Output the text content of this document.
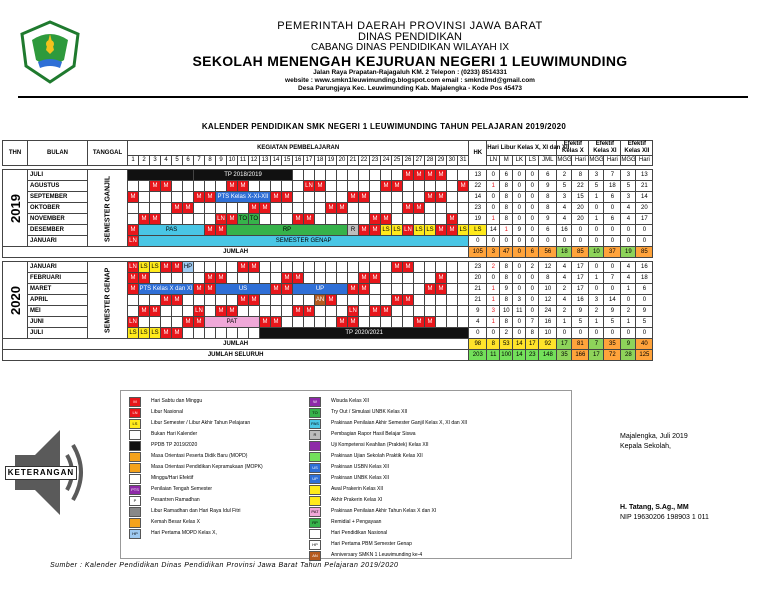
PEMERINTAH DAERAH PROVINSI JAWA BARAT
DINAS PENDIDIKAN
CABANG DINAS PENDIDIKAN WILAYAH IX
SEKOLAH MENENGAH KEJURUAN NEGERI 1 LEUWIMUNDING
Jalan Raya Prapatan-Rajagaluh KM. 2 Telepon : (0233) 8514331
website : www.smkn1leuwimunding.blogspot.com email : smkn1lmd@gmail.com
Desa Parungjaya Kec. Leuwimunding Kab. Majalengka - Kode Pos 45473
KALENDER PENDIDIKAN SMK NEGERI 1 LEUWIMUNDING TAHUN PELAJARAN 2019/2020
THN	BULAN	TANGGAL	KEGIATAN PEMBELAJARAN																															HK	Hari Libur Kelas X, XI dan XII					Efektif Kelas X		Efektif Kelas XI		Efektif Kelas XII		
			1	2	3	4	5	6	7	8	9	10	11	12	13	14	15	16	17	18	19	20	21	22	23	24	25	26	27	28	29	30	31		LN	M	LK	LS	JML	MGG	Hari	MGG	Hari	MGG	Hari	

2019	JULI	SEMESTER GANJIL							TP 2018/2019																			M	M	M	M			13	0	6	0	0	6	2	8	3	7	3	13	
	AGUSTUS				M	M						M	M						LN	M						M	M						M	22	1	8	0	0	9	5	22	5	18	5	21	
	SEPTEMBER		M						M	M	PTS Kelas X-XI-XII					M	M						M	M						M	M			14	0	8	0	0	8	3	15	1	6	3	14	
	OKTOBER						M	M						M	M						M	M						M	M					23	0	8	0	0	8	4	20	0	0	4	20	
	NOVEMBER			M	M						LN	M	TO	TO				M	M						M	M						M		19	1	8	0	0	9	4	20	1	6	4	17	
	DESEMBER		M	PAS						M	M	RP											R	M	M	LS	LS	LN	LS	LS	M	M	LS	LS	14	1	9	0	6	16	0	0	0	0	0	
	JANUARI		LN	SEMESTER GENAP																														0	0	0	0	0	0	0	0	0	0	0	0	
JUMLAH																																		105	3	47	0	6	56	18	85	10	37	19	85	

2020	JANUARI	SEMESTER GENAP	LN	LS	LS	M	M	HP					M	M													M	M						23	2	8	0	2	12	4	17	0	0	4	16	
	FEBRUARI		M	M						M	M						M	M						M	M						M			20	0	8	0	0	8	4	17	1	7	4	18	
	MARET		M	PTS Kelas X dan XI					M	M	US					M	M	UP					M	M						M	M			21	1	9	0	0	10	2	17	0	0	1	6	
	APRIL					M	M						M	M						AN	M						M	M						21	1	8	3	0	12	4	16	3	14	0	0	
	MEI			M	M				LN		M	M						M	M				LN		M	M								9	3	10	11	0	24	2	9	2	9	2	9	
	JUNI		LN					M	M	PAT					M	M						M	M						M	M				4	1	8	0	7	16	1	5	1	5	1	5	
	JULI		LS	LS	LS	M	M								TP 2020/2021																			0	0	2	0	8	10	0	0	0	0	0	0	
JUMLAH																																		98	8	53	14	17	92	17	81	7	35	9	40	
JUMLAH SELURUH																																		203	11	100	14	23	148	35	166	17	72	28	125	
KETERANGAN
M	Hari Sabtu dan Minggu
LN	Libur Nasional
LS	Libur Semester / Libur Akhir Tahun Pelajaran
Bukan Hari Kalender
PPDB TP 2019/2020
Masa Orientasi Peserta Didik Baru (MOPD)
Masa Orientasi Pendidikan Kepramukaan (MOPK)
Minggu/Hari Efektif
PTS	Penilaian Tengah Semester
P	Pesantren Ramadhan
Libur Ramadhan dan Hari Raya Idul Fitri
Kemah Besar Kelas X
HP	Hari Pertama MOPD Kelas X,
W	Wisuda Kelas XII
TO	Try Out / Simulasi UNBK Kelas XII
PAS	Prakiraan Penilaian Akhir Semester Ganjil Kelas X, XI dan XII
R	Pembagian Rapor Hasil Belajar Siswa
Uji Kompetensi Keahlian (Praktek) Kelas XII
Prakiraan Ujian Sekolah Praktik Kelas XII
US	Prakiraan USBN Kelas XII
UP	Prakiraan UNBK Kelas XII
Awal Prakerin Kelas XII
Akhir Prakerin Kelas XI
PAT	Prakiraan Penilaian Akhir Tahun Kelas X dan XI
RP	Remidial + Pengayaan
Hari Pendidikan Nasional
HP	Hari Pertama PBM Semester Genap
AN	Anniversary SMKN 1 Leuwimunding ke-4
Majalengka, Juli 2019
Kepala Sekolah,
H. Tatang, S.Ag., MM
NIP 19630206 198903 1 011
Sumber : Kalender Pendidikan Dinas Pendidikan Provinsi Jawa Barat Tahun Pelajaran 2019/2020
